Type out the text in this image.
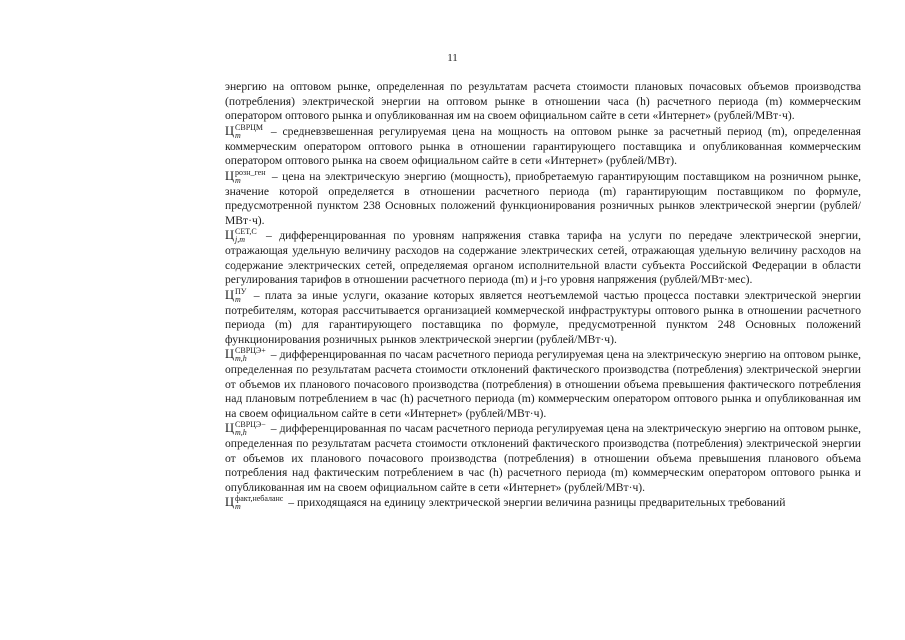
11

энергию на оптовом рынке, определенная по результатам расчета стоимости плановых почасовых объемов производства (потребления) электрической энергии на оптовом рынке в отношении часа (h) расчетного периода (m) коммерческим оператором оптового рынка и опубликованная им на своем официальном сайте в сети «Интернет» (рублей/МВт·ч).

Ц СВРЦМ
m	– средневзвешенная регулируемая цена на мощность на оптовом рынке за расчетный период (m), определенная коммерческим оператором оптового рынка в отношении гарантирующего поставщика и опубликованная коммерческим оператором оптового рынка на своем официальном сайте в сети «Интернет» (рублей/МВт).

Ц розн_ген
m	– цена на электрическую энергию (мощность), приобретаемую гарантирующим поставщиком на розничном рынке, значение которой определяется в отношении расчетного периода (m) гарантирующим поставщиком по формуле, предусмотренной пунктом 238 Основных положений функционирования розничных рынков электрической энергии (рублей/МВт·ч).

Ц СЕТ,С
j,m	– дифференцированная по уровням напряжения ставка тарифа на услуги по передаче электрической энергии, отражающая удельную величину расходов на содержание электрических сетей, отражающая удельную величину расходов на содержание электрических сетей, определяемая органом исполнительной власти субъекта Российской Федерации в области регулирования тарифов в отношении расчетного периода (m) и j-го уровня напряжения (рублей/МВт·мес).

Ц ПУ
m – плата за иные услуги, оказание которых является неотъемлемой частью процесса поставки электрической энергии потребителям, которая рассчитывается организацией коммерческой инфраструктуры оптового рынка в отношении расчетного периода (m) для гарантирующего поставщика по формуле, предусмотренной пунктом 248 Основных положений функционирования розничных рынков электрической энергии (рублей/МВт·ч).

Ц СВРЦЭ+
m,h	– дифференцированная по часам расчетного периода регулируемая цена на электрическую энергию на оптовом рынке, определенная по результатам расчета стоимости отклонений фактического производства (потребления) электрической энергии от объемов их планового почасового производства (потребления) в отношении объема превышения фактического потребления над плановым потреблением в час (h) расчетного периода (m) коммерческим оператором оптового рынка и опубликованная им на своем официальном сайте в сети «Интернет» (рублей/МВт·ч).

Ц СВРЦЭ−
m,h	– дифференцированная по часам расчетного периода регулируемая цена на электрическую энергию на оптовом рынке, определенная по результатам расчета стоимости отклонений фактического производства (потребления) электрической энергии от объемов их планового почасового производства (потребления) в отношении объема превышения планового объема потребления над фактическим потреблением в час (h) расчетного периода (m) коммерческим оператором оптового рынка и опубликованная им на своем официальном сайте в сети «Интернет» (рублей/МВт·ч).

Ц факт,небаланс
m	– приходящаяся на единицу электрической энергии величина разницы предварительных требований
